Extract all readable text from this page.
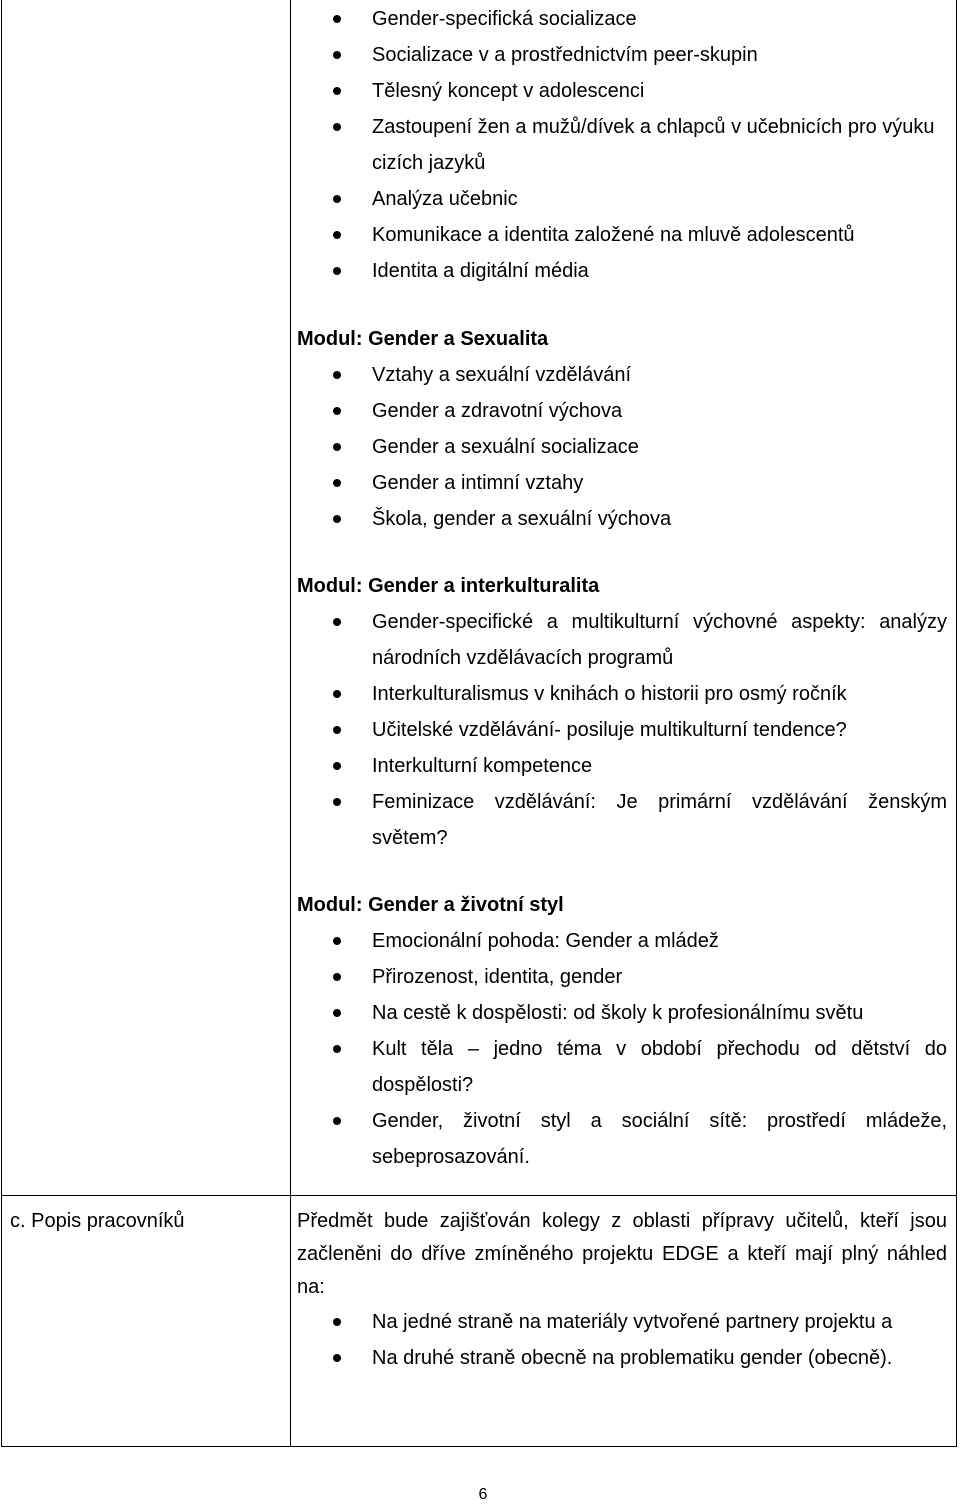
Gender-specifická socializace
Socializace v a prostřednictvím peer-skupin
Tělesný koncept v adolescenci
Zastoupení žen a mužů/dívek a chlapců v učebnicích pro výuku cizích jazyků
Analýza učebnic
Komunikace a identita založené na mluvě adolescentů
Identita a digitální média

Modul: Gender a Sexualita

Vztahy a sexuální vzdělávání
Gender a zdravotní výchova
Gender a sexuální socializace
Gender a intimní vztahy
Škola, gender a sexuální výchova

Modul: Gender a interkulturalita

Gender-specifické a multikulturní výchovné aspekty: analýzy národních vzdělávacích programů
Interkulturalismus v knihách o historii pro osmý ročník
Učitelské vzdělávání- posiluje multikulturní tendence?
Interkulturní kompetence
Feminizace vzdělávání: Je primární vzdělávání ženským světem?

Modul: Gender a životní styl

Emocionální pohoda: Gender a mládež
Přirozenost, identita, gender
Na cestě k dospělosti: od školy k profesionálnímu světu
Kult těla – jedno téma v období přechodu od dětství do dospělosti?
Gender, životní styl a sociální sítě: prostředí mládeže, sebeprosazování.

c. Popis pracovníků	Předmět bude zajišťován kolegy z oblasti přípravy učitelů, kteří jsou začleněni do dříve zmíněného projektu EDGE a kteří mají plný náhled na:

Na jedné straně na materiály vytvořené partnery projektu a
Na druhé straně obecně na problematiku gender (obecně).
6
